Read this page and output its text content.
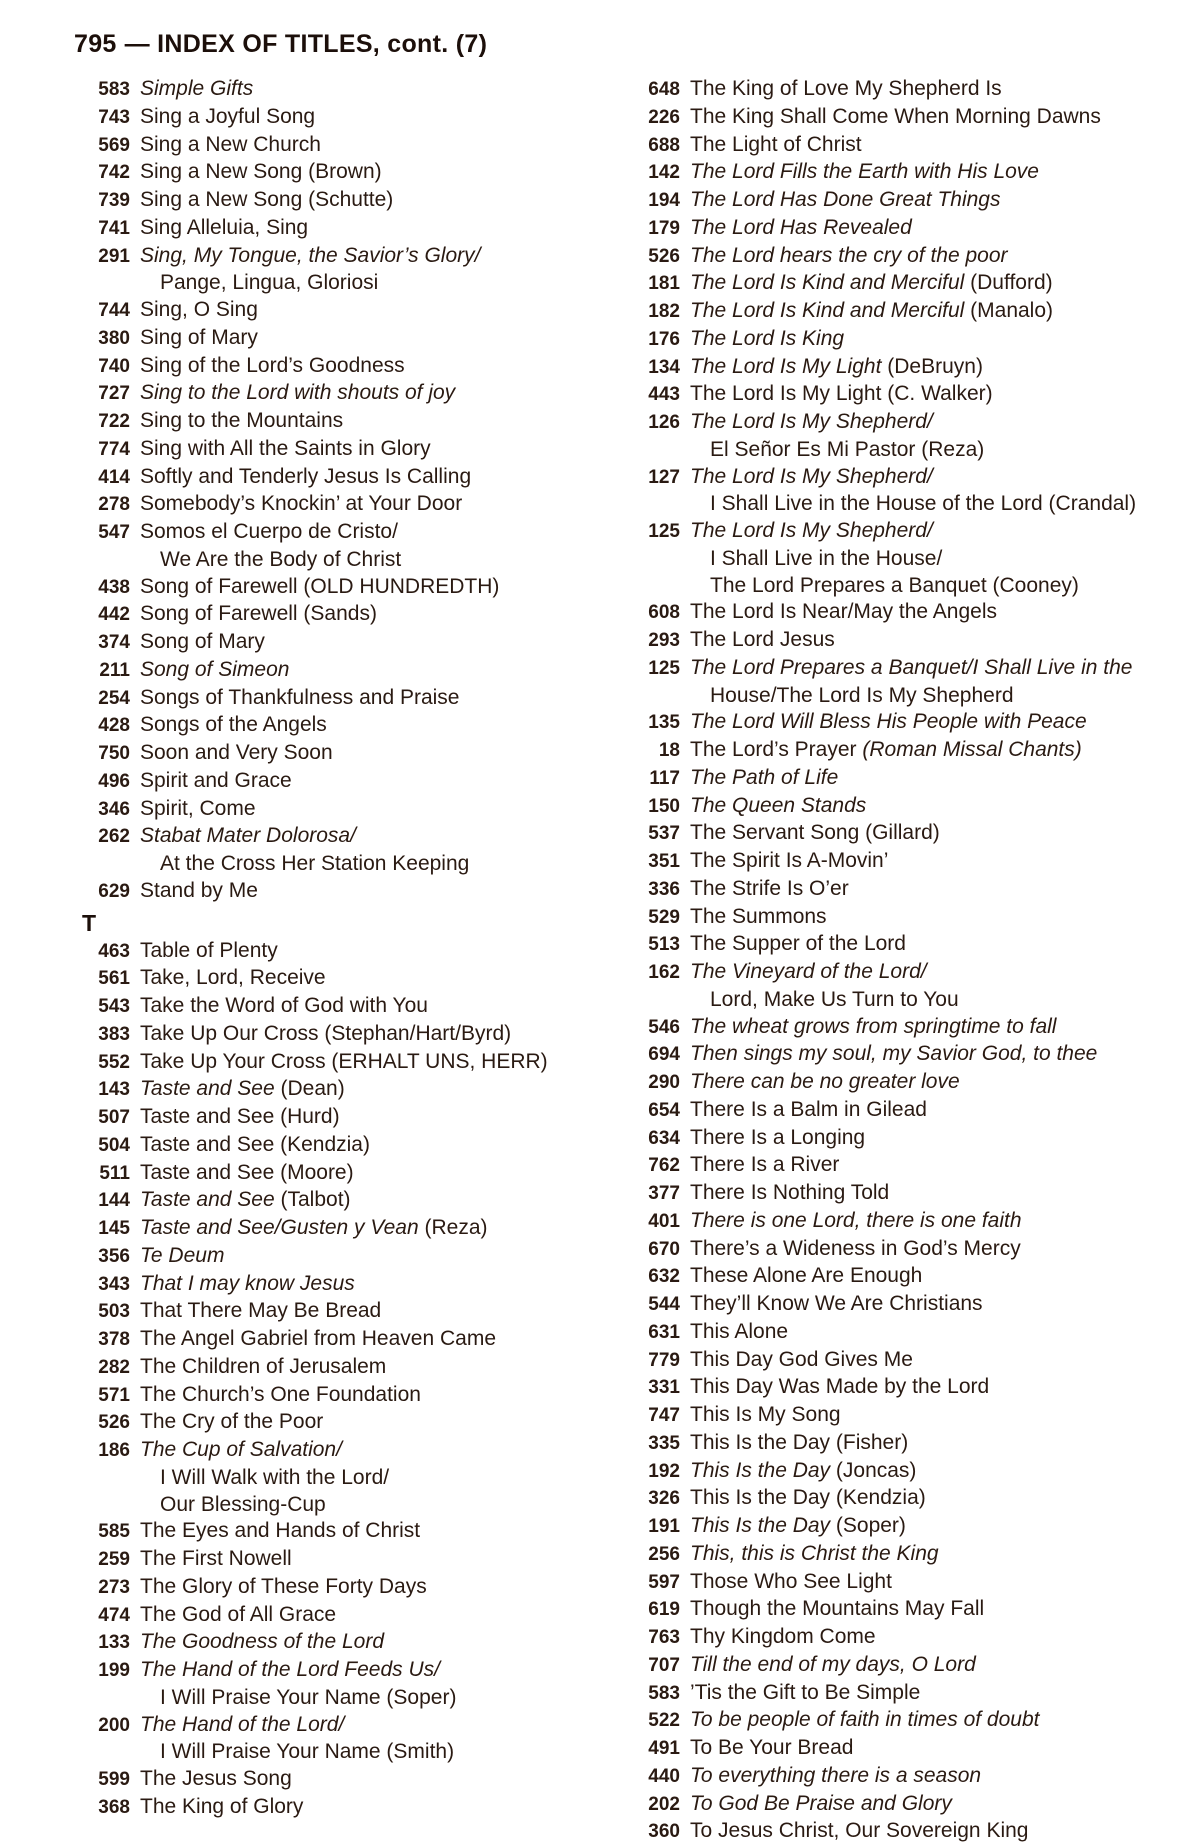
795 — INDEX OF TITLES, cont. (7)
583 Simple Gifts
743 Sing a Joyful Song
569 Sing a New Church
742 Sing a New Song (Brown)
739 Sing a New Song (Schutte)
741 Sing Alleluia, Sing
291 Sing, My Tongue, the Savior’s Glory/
Pange, Lingua, Gloriosi
744 Sing, O Sing
380 Sing of Mary
740 Sing of the Lord’s Goodness
727 Sing to the Lord with shouts of joy
722 Sing to the Mountains
774 Sing with All the Saints in Glory
414 Softly and Tenderly Jesus Is Calling
278 Somebody’s Knockin’ at Your Door
547 Somos el Cuerpo de Cristo/
We Are the Body of Christ
438 Song of Farewell (OLD HUNDREDTH)
442 Song of Farewell (Sands)
374 Song of Mary
211 Song of Simeon
254 Songs of Thankfulness and Praise
428 Songs of the Angels
750 Soon and Very Soon
496 Spirit and Grace
346 Spirit, Come
262 Stabat Mater Dolorosa/
At the Cross Her Station Keeping
629 Stand by Me
T
463 Table of Plenty
561 Take, Lord, Receive
543 Take the Word of God with You
383 Take Up Our Cross (Stephan/Hart/Byrd)
552 Take Up Your Cross (ERHALT UNS, HERR)
143 Taste and See (Dean)
507 Taste and See (Hurd)
504 Taste and See (Kendzia)
511 Taste and See (Moore)
144 Taste and See (Talbot)
145 Taste and See/Gusten y Vean (Reza)
356 Te Deum
343 That I may know Jesus
503 That There May Be Bread
378 The Angel Gabriel from Heaven Came
282 The Children of Jerusalem
571 The Church’s One Foundation
526 The Cry of the Poor
186 The Cup of Salvation/
I Will Walk with the Lord/
Our Blessing-Cup
585 The Eyes and Hands of Christ
259 The First Nowell
273 The Glory of These Forty Days
474 The God of All Grace
133 The Goodness of the Lord
199 The Hand of the Lord Feeds Us/
I Will Praise Your Name (Soper)
200 The Hand of the Lord/
I Will Praise Your Name (Smith)
599 The Jesus Song
368 The King of Glory
648 The King of Love My Shepherd Is
226 The King Shall Come When Morning Dawns
688 The Light of Christ
142 The Lord Fills the Earth with His Love
194 The Lord Has Done Great Things
179 The Lord Has Revealed
526 The Lord hears the cry of the poor
181 The Lord Is Kind and Merciful (Dufford)
182 The Lord Is Kind and Merciful (Manalo)
176 The Lord Is King
134 The Lord Is My Light (DeBruyn)
443 The Lord Is My Light (C. Walker)
126 The Lord Is My Shepherd/
El Señor Es Mi Pastor (Reza)
127 The Lord Is My Shepherd/
I Shall Live in the House of the Lord (Crandal)
125 The Lord Is My Shepherd/
I Shall Live in the House/
The Lord Prepares a Banquet (Cooney)
608 The Lord Is Near/May the Angels
293 The Lord Jesus
125 The Lord Prepares a Banquet/I Shall Live in the
House/The Lord Is My Shepherd
135 The Lord Will Bless His People with Peace
18 The Lord’s Prayer (Roman Missal Chants)
117 The Path of Life
150 The Queen Stands
537 The Servant Song (Gillard)
351 The Spirit Is A-Movin’
336 The Strife Is O’er
529 The Summons
513 The Supper of the Lord
162 The Vineyard of the Lord/
Lord, Make Us Turn to You
546 The wheat grows from springtime to fall
694 Then sings my soul, my Savior God, to thee
290 There can be no greater love
654 There Is a Balm in Gilead
634 There Is a Longing
762 There Is a River
377 There Is Nothing Told
401 There is one Lord, there is one faith
670 There’s a Wideness in God’s Mercy
632 These Alone Are Enough
544 They’ll Know We Are Christians
631 This Alone
779 This Day God Gives Me
331 This Day Was Made by the Lord
747 This Is My Song
335 This Is the Day (Fisher)
192 This Is the Day (Joncas)
326 This Is the Day (Kendzia)
191 This Is the Day (Soper)
256 This, this is Christ the King
597 Those Who See Light
619 Though the Mountains May Fall
763 Thy Kingdom Come
707 Till the end of my days, O Lord
583 ’Tis the Gift to Be Simple
522 To be people of faith in times of doubt
491 To Be Your Bread
440 To everything there is a season
202 To God Be Praise and Glory
360 To Jesus Christ, Our Sovereign King
